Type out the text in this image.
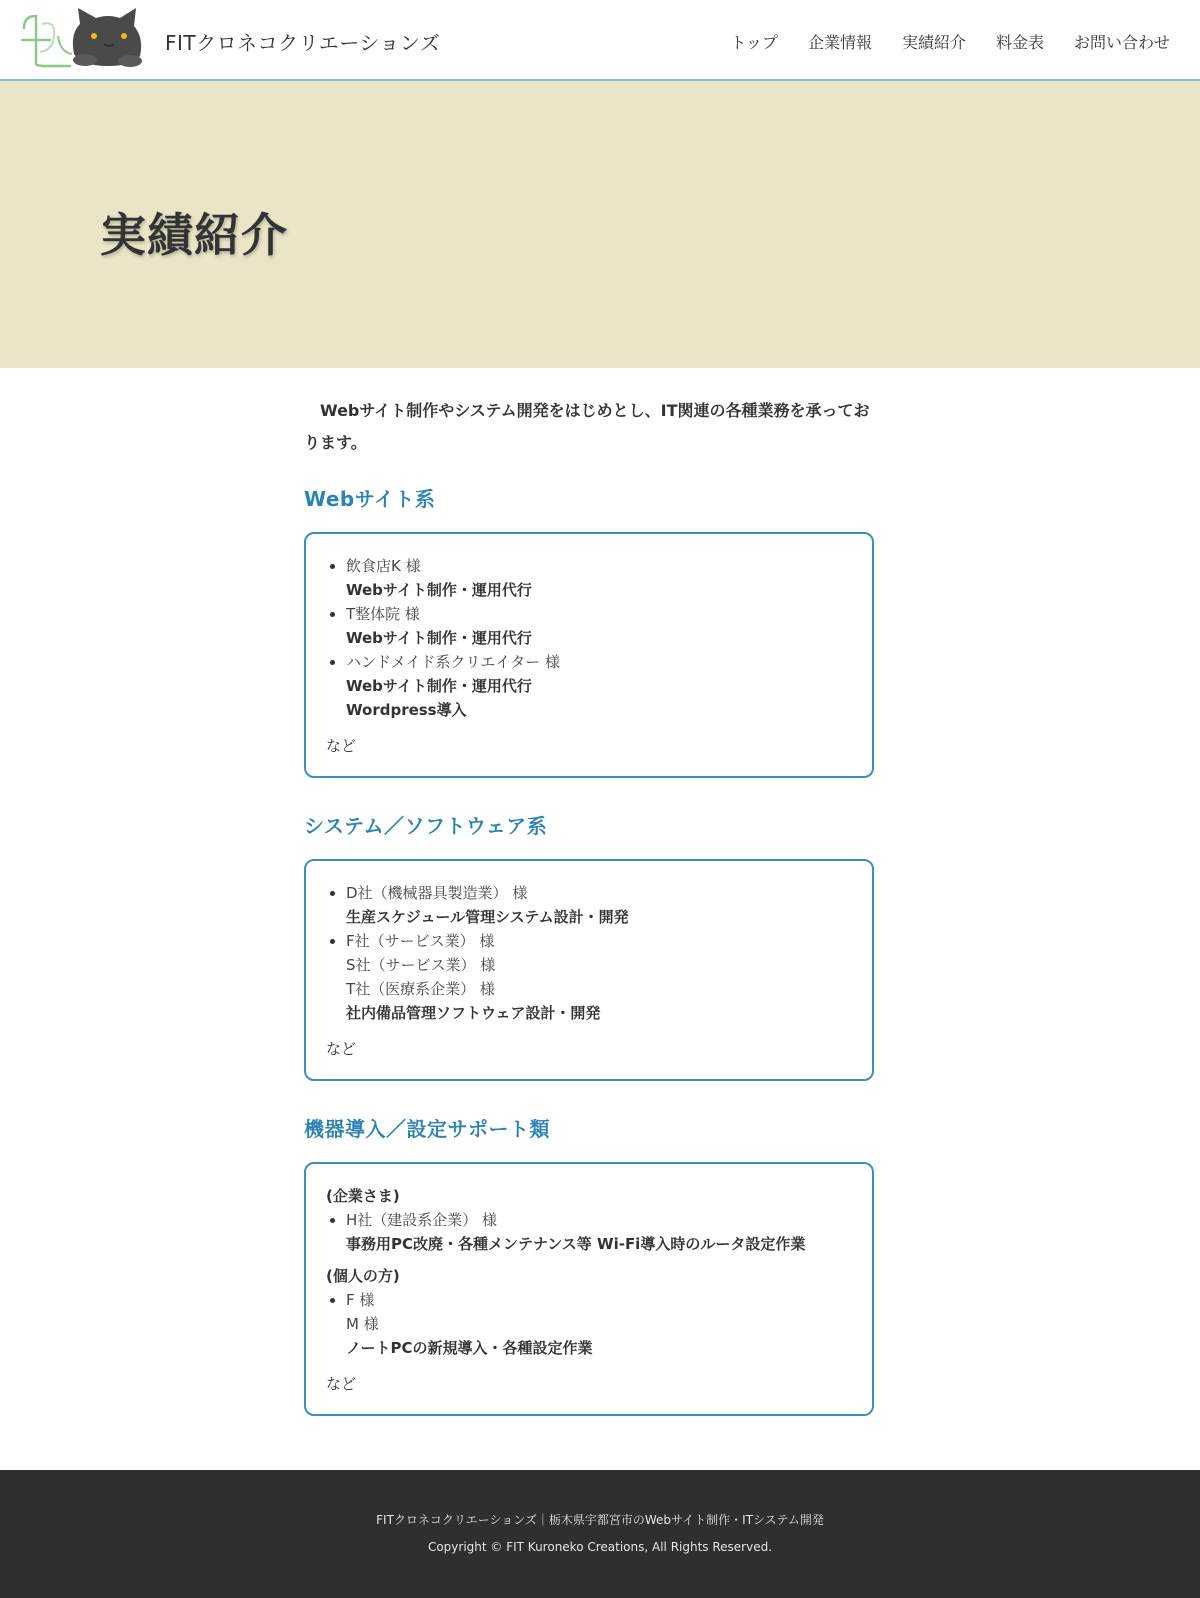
FITクロネコクリエーションズ	トップ 企業情報 実績紹介 料金表 お問い合わせ
実績紹介

Webサイト制作やシステム開発をはじめとし、IT関連の各種業務を承っております。

Webサイト系
• 飲食店K 様
Webサイト制作・運用代行
• T整体院 様
Webサイト制作・運用代行
• ハンドメイド系クリエイター 様
Webサイト制作・運用代行
Wordpress導入
など
システム／ソフトウェア系
• D社（機械器具製造業） 様
生産スケジュール管理システム設計・開発
• F社（サービス業） 様
S社（サービス業） 様
T社（医療系企業） 様
社内備品管理ソフトウェア設計・開発
など
機器導入／設定サポート類
(企業さま)
• H社（建設系企業） 様
事務用PC改廃・各種メンテナンス等 Wi-Fi導入時のルータ設定作業
(個人の方)
• F 様
M 様
ノートPCの新規導入・各種設定作業
など
FITクロネコクリエーションズ｜栃木県宇都宮市のWebサイト制作・ITシステム開発
Copyright © FIT Kuroneko Creations, All Rights Reserved.
